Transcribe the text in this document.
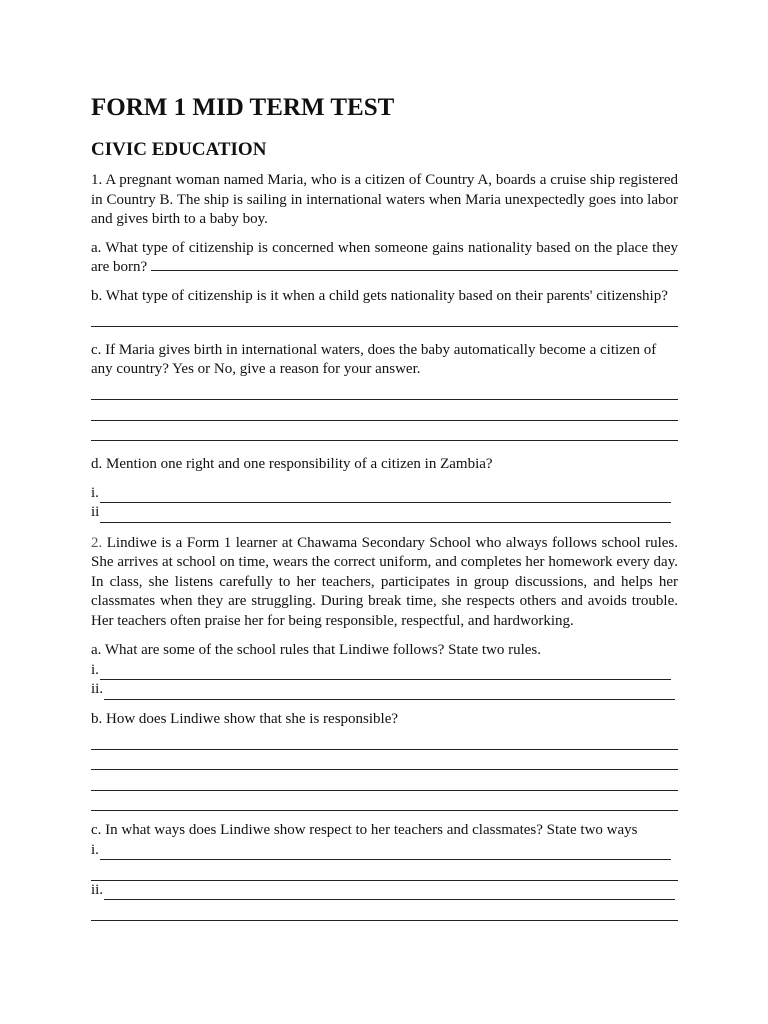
FORM 1 MID TERM TEST
CIVIC EDUCATION

1. A pregnant woman named Maria, who is a citizen of Country A, boards a cruise ship registered in Country B. The ship is sailing in international waters when Maria unexpectedly goes into labor and gives birth to a baby boy.

a. What type of citizenship is concerned when someone gains nationality based on the place they are born?

b. What type of citizenship is it when a child gets nationality based on their parents' citizenship?

c. If Maria gives birth in international waters, does the baby automatically become a citizen of any country? Yes or No, give a reason for your answer.

d. Mention one right and one responsibility of a citizen in Zambia?

i.
ii

2. Lindiwe is a Form 1 learner at Chawama Secondary School who always follows school rules. She arrives at school on time, wears the correct uniform, and completes her homework every day. In class, she listens carefully to her teachers, participates in group discussions, and helps her classmates when they are struggling. During break time, she respects others and avoids trouble. Her teachers often praise her for being responsible, respectful, and hardworking.

a. What are some of the school rules that Lindiwe follows? State two rules.

i.
ii.

b. How does Lindiwe show that she is responsible?

c. In what ways does Lindiwe show respect to her teachers and classmates? State two ways

i.
ii.
